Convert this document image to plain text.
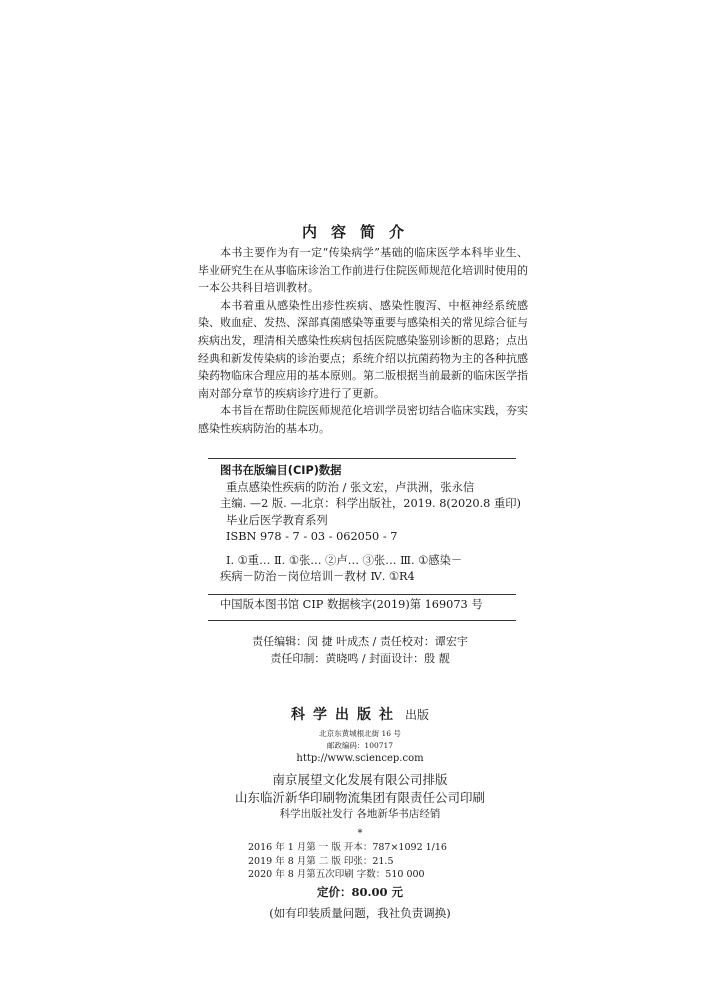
内容简介

本书主要作为有一定“传染病学”基础的临床医学本科毕业生、毕业研究生在从事临床诊治工作前进行住院医师规范化培训时使用的一本公共科目培训教材。

本书着重从感染性出疹性疾病、感染性腹泻、中枢神经系统感染、败血症、发热、深部真菌感染等重要与感染相关的常见综合征与疾病出发，理清相关感染性疾病包括医院感染鉴别诊断的思路；点出经典和新发传染病的诊治要点；系统介绍以抗菌药物为主的各种抗感染药物临床合理应用的基本原则。第二版根据当前最新的临床医学指南对部分章节的疾病诊疗进行了更新。

本书旨在帮助住院医师规范化培训学员密切结合临床实践，夯实感染性疾病防治的基本功。

图书在版编目(CIP)数据
重点感染性疾病的防治 / 张文宏，卢洪洲，张永信
主编. —2 版. —北京：科学出版社，2019. 8(2020.8 重印)
毕业后医学教育系列
ISBN 978 - 7 - 03 - 062050 - 7
Ⅰ. ①重… Ⅱ. ①张… ②卢… ③张… Ⅲ. ①感染－
疾病－防治－岗位培训－教材 Ⅳ. ①R4
中国版本图书馆 CIP 数据核字(2019)第 169073 号
责任编辑：闵 捷 叶成杰 / 责任校对：谭宏宇
责任印制：黄晓鸣 / 封面设计：殷 靓
科学出版社 出版
北京东黄城根北街 16 号
邮政编码：100717
http://www.sciencep.com
南京展望文化发展有限公司排版
山东临沂新华印刷物流集团有限责任公司印刷
科学出版社发行 各地新华书店经销
*
2016 年 1 月第 一 版 开本：787×1092 1/16
2019 年 8 月第 二 版 印张：21.5
2020 年 8 月第五次印刷 字数：510 000
定价：80.00 元
(如有印装质量问题，我社负责调换)
